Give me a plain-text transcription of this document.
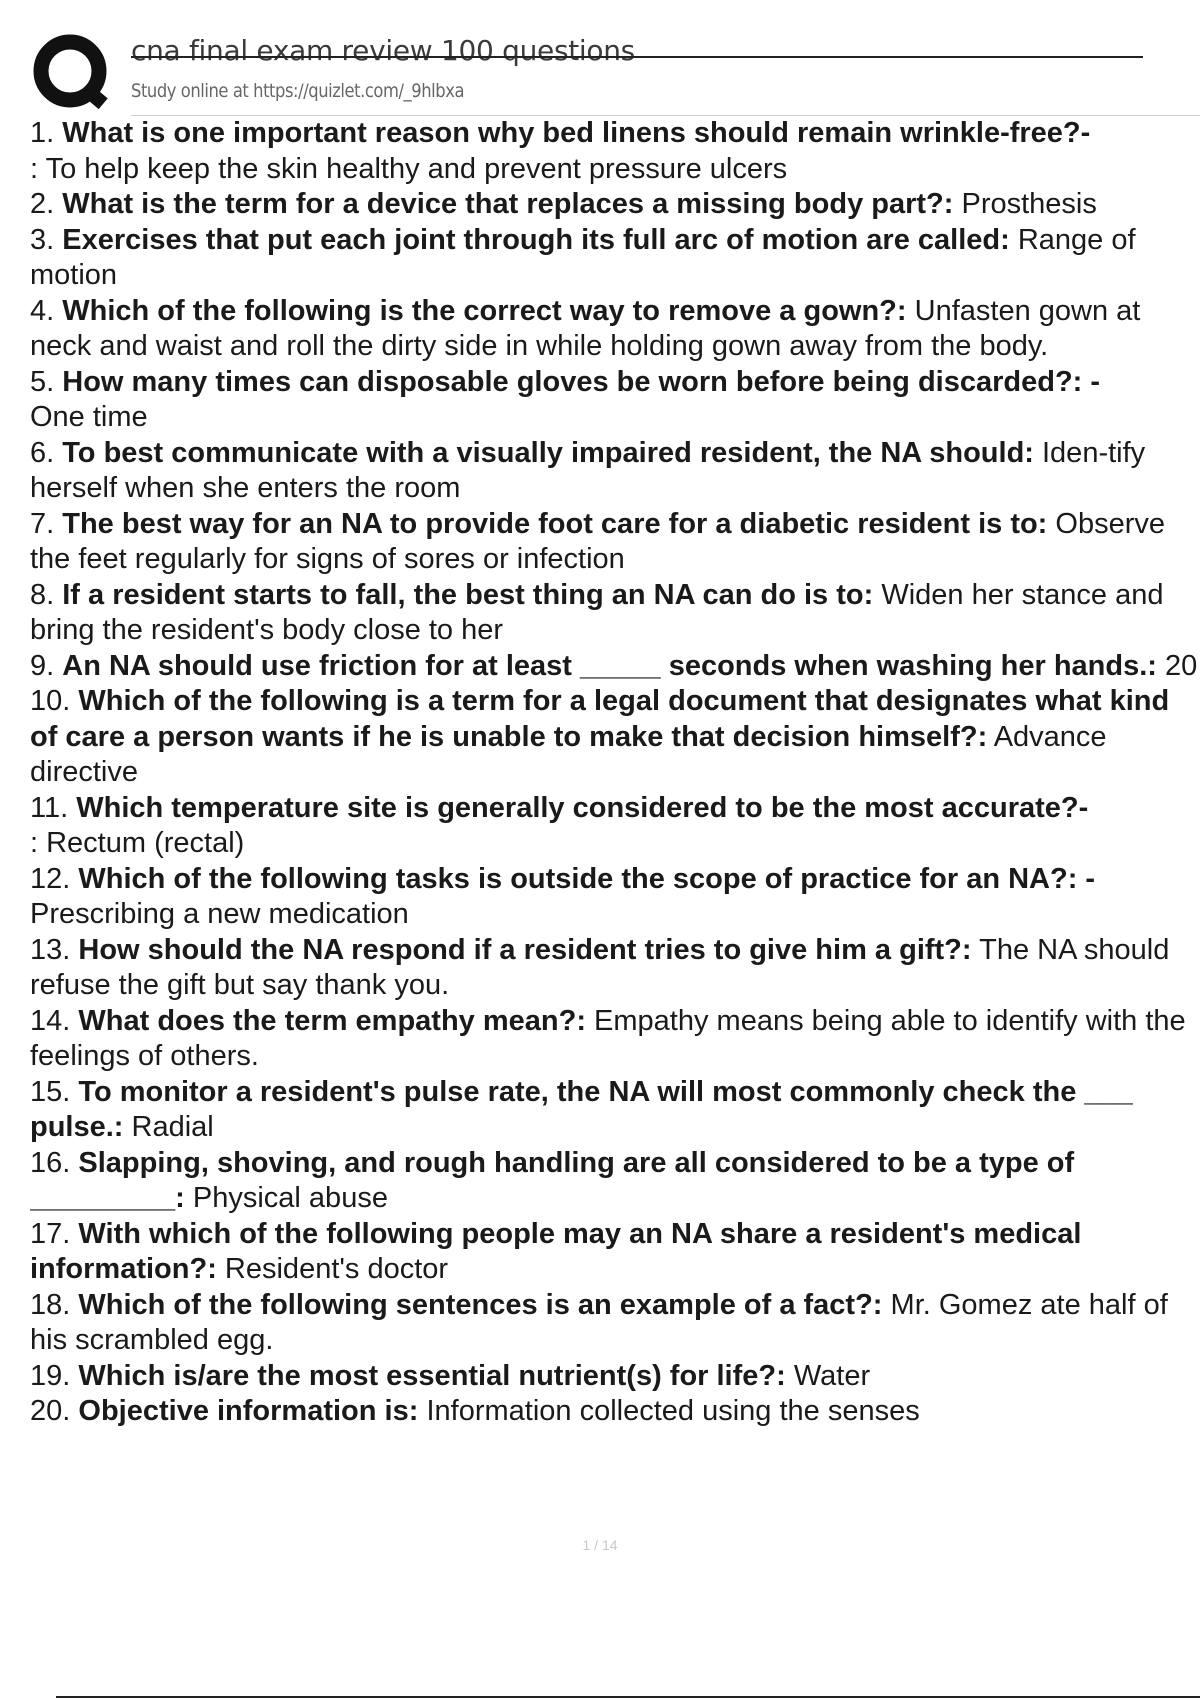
cna final exam review 100 questions
Study online at https://quizlet.com/_9hlbxa
1. What is one important reason why bed linens should remain wrinkle-free?-
: To help keep the skin healthy and prevent pressure ulcers
2. What is the term for a device that replaces a missing body part?: Prosthesis
3. Exercises that put each joint through its full arc of motion are called: Range of motion
4. Which of the following is the correct way to remove a gown?: Unfasten gown at neck and waist and roll the dirty side in while holding gown away from the body.
5. How many times can disposable gloves be worn before being discarded?: -
One time
6. To best communicate with a visually impaired resident, the NA should: Iden-tify herself when she enters the room
7. The best way for an NA to provide foot care for a diabetic resident is to: Observe the feet regularly for signs of sores or infection
8. If a resident starts to fall, the best thing an NA can do is to: Widen her stance and bring the resident's body close to her
9. An NA should use friction for at least _____ seconds when washing her hands.: 20
10. Which of the following is a term for a legal document that designates what kind of care a person wants if he is unable to make that decision himself?: Advance directive
11. Which temperature site is generally considered to be the most accurate?-
: Rectum (rectal)
12. Which of the following tasks is outside the scope of practice for an NA?: -
Prescribing a new medication
13. How should the NA respond if a resident tries to give him a gift?: The NA should refuse the gift but say thank you.
14. What does the term empathy mean?: Empathy means being able to identify with the feelings of others.
15. To monitor a resident's pulse rate, the NA will most commonly check the ___ pulse.: Radial
16. Slapping, shoving, and rough handling are all considered to be a type of _________: Physical abuse
17. With which of the following people may an NA share a resident's medical information?: Resident's doctor
18. Which of the following sentences is an example of a fact?: Mr. Gomez ate half of his scrambled egg.
19. Which is/are the most essential nutrient(s) for life?: Water
20. Objective information is: Information collected using the senses
1 / 14
